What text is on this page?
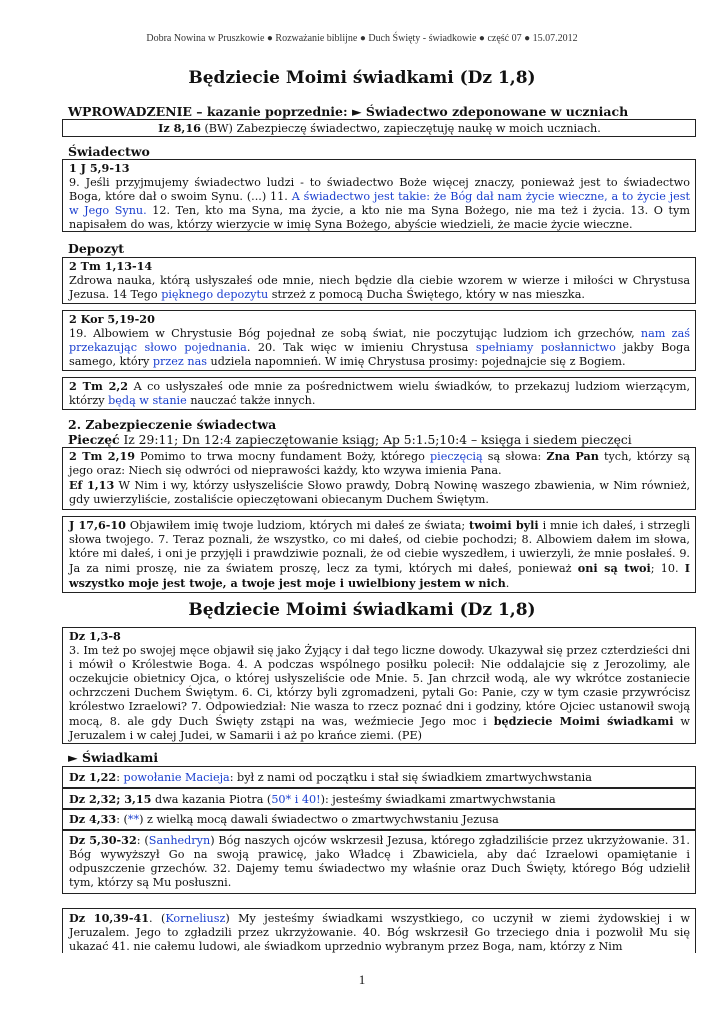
Dobra Nowina w Pruszkowie ● Rozważanie biblijne ● Duch Święty - świadkowie ● część 07 ● 15.07.2012
Będziecie Moimi świadkami (Dz 1,8)
WPROWADZENIE – kazanie poprzednie: ► Świadectwo zdeponowane w uczniach
Iz 8,16 (BW) Zabezpieczę świadectwo, zapieczętuję naukę w moich uczniach.
Świadectwo

1 J 5,9-13

9. Jeśli przyjmujemy świadectwo ludzi - to świadectwo Boże więcej znaczy, ponieważ jest to świadectwo Boga, które dał o swoim Synu. (...) 11. A świadectwo jest takie: że Bóg dał nam życie wieczne, a to życie jest w Jego Synu. 12. Ten, kto ma Syna, ma życie, a kto nie ma Syna Bożego, nie ma też i życia. 13. O tym napisałem do was, którzy wierzycie w imię Syna Bożego, abyście wiedzieli, że macie życie wieczne.

Depozyt

2 Tm 1,13-14

Zdrowa nauka, którą usłyszałeś ode mnie, niech będzie dla ciebie wzorem w wierze i miłości w Chrystusa Jezusa. 14 Tego pięknego depozytu strzeż z pomocą Ducha Świętego, który w nas mieszka.

2 Kor 5,19-20

19. Albowiem w Chrystusie Bóg pojednał ze sobą świat, nie poczytując ludziom ich grzechów, nam zaś przekazując słowo pojednania. 20. Tak więc w imieniu Chrystusa spełniamy posłannictwo jakby Boga samego, który przez nas udziela napomnień. W imię Chrystusa prosimy: pojednajcie się z Bogiem.

2 Tm 2,2 A co usłyszałeś ode mnie za pośrednictwem wielu świadków, to przekazuj ludziom wierzącym, którzy będą w stanie nauczać także innych.

2. Zabezpieczenie świadectwa
Pieczęć Iz 29:11; Dn 12:4 zapieczętowanie ksiąg; Ap 5:1.5;10:4 – księga i siedem pieczęci

2 Tm 2,19 Pomimo to trwa mocny fundament Boży, którego pieczęcią są słowa: Zna Pan tych, którzy są jego oraz: Niech się odwróci od nieprawości każdy, kto wzywa imienia Pana.

Ef 1,13 W Nim i wy, którzy usłyszeliście Słowo prawdy, Dobrą Nowinę waszego zbawienia, w Nim również, gdy uwierzyliście, zostaliście opieczętowani obiecanym Duchem Świętym.

J 17,6-10 Objawiłem imię twoje ludziom, których mi dałeś ze świata; twoimi byli i mnie ich dałeś, i strzegli słowa twojego. 7. Teraz poznali, że wszystko, co mi dałeś, od ciebie pochodzi; 8. Albowiem dałem im słowa, które mi dałeś, i oni je przyjęli i prawdziwie poznali, że od ciebie wyszedłem, i uwierzyli, że mnie posłałeś. 9. Ja za nimi proszę, nie za światem proszę, lecz za tymi, których mi dałeś, ponieważ oni są twoi; 10. I wszystko moje jest twoje, a twoje jest moje i uwielbiony jestem w nich.

Będziecie Moimi świadkami (Dz 1,8)

Dz 1,3-8

3. Im też po swojej męce objawił się jako Żyjący i dał tego liczne dowody. Ukazywał się przez czterdzieści dni i mówił o Królestwie Boga. 4. A podczas wspólnego posiłku polecił: Nie oddalajcie się z Jerozolimy, ale oczekujcie obietnicy Ojca, o której usłyszeliście ode Mnie. 5. Jan chrzcił wodą, ale wy wkrótce zostaniecie ochrzczeni Duchem Świętym. 6. Ci, którzy byli zgromadzeni, pytali Go: Panie, czy w tym czasie przywrócisz królestwo Izraelowi? 7. Odpowiedział: Nie wasza to rzecz poznać dni i godziny, które Ojciec ustanowił swoją mocą, 8. ale gdy Duch Święty zstąpi na was, weźmiecie Jego moc i będziecie Moimi świadkami w Jeruzalem i w całej Judei, w Samarii i aż po krańce ziemi. (PE)

► Świadkami

Dz 1,22: powołanie Macieja: był z nami od początku i stał się świadkiem zmartwychwstania

Dz 2,32; 3,15 dwa kazania Piotra (50* i 40!): jesteśmy świadkami zmartwychwstania

Dz 4,33: (**) z wielką mocą dawali świadectwo o zmartwychwstaniu Jezusa

Dz 5,30-32: (Sanhedryn) Bóg naszych ojców wskrzesił Jezusa, którego zgładziliście przez ukrzyżowanie. 31. Bóg wywyższył Go na swoją prawicę, jako Władcę i Zbawiciela, aby dać Izraelowi opamiętanie i odpuszczenie grzechów. 32. Dajemy temu świadectwo my właśnie oraz Duch Święty, którego Bóg udzielił tym, którzy są Mu posłuszni.

Dz 10,39-41. (Korneliusz) My jesteśmy świadkami wszystkiego, co uczynił w ziemi żydowskiej i w Jeruzalem. Jego to zgładzili przez ukrzyżowanie. 40. Bóg wskrzesił Go trzeciego dnia i pozwolił Mu się ukazać 41. nie całemu ludowi, ale świadkom uprzednio wybranym przez Boga, nam, którzy z Nim

1
